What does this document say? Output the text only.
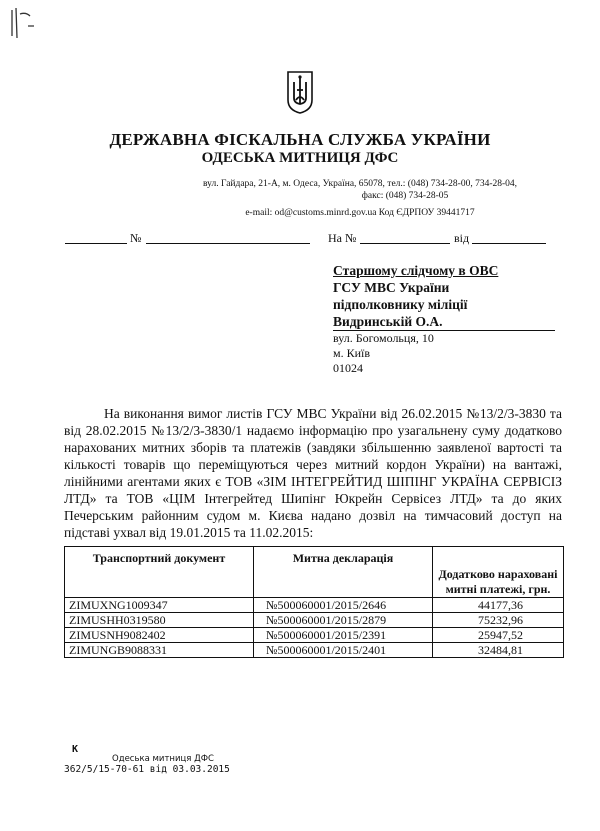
|-
ДЕРЖАВНА ФІСКАЛЬНА СЛУЖБА УКРАЇНИ
ОДЕСЬКА МИТНИЦЯ ДФС
вул. Гайдара, 21-А, м. Одеса, Україна, 65078, тел.: (048) 734-28-00, 734-28-04,
факс: (048) 734-28-05
e-mail: od@customs.minrd.gov.ua Код ЄДРПОУ 39441717
№	На №	від
Старшому слідчому в ОВС
ГСУ МВС України
підполковнику міліції
Видринській О.А.
вул. Богомольця, 10
м. Київ
01024
На виконання вимог листів ГСУ МВС України від 26.02.2015 №13/2/3-3830 та від 28.02.2015 №13/2/3-3830/1 надаємо інформацію про узагальнену суму додатково нарахованих митних зборів та платежів (завдяки збільшенню заявленої вартості та кількості товарів що переміщуються через митний кордон України) на вантажі, лінійними агентами яких є ТОВ «ЗІМ ІНТЕГРЕЙТИД ШІПІНГ УКРАЇНА СЕРВІСІЗ ЛТД» та ТОВ «ЦІМ Інтегрейтед Шипінг Юкрейн Сервісез ЛТД» та до яких Печерським районним судом м. Києва надано дозвіл на тимчасовий доступ на підставі ухвал від 19.01.2015 та 11.02.2015:
Транспортний документ	Митна декларація	Додатково нараховані митні платежі, грн.
ZIMUXNG1009347	№500060001/2015/2646	44177,36
ZIMUSHH0319580	№500060001/2015/2879	75232,96
ZIMUSNH9082402	№500060001/2015/2391	25947,52
ZIMUNGB9088331	№500060001/2015/2401	32484,81
К
Одеська митниця ДФС
362/5/15-70-61 від 03.03.2015
